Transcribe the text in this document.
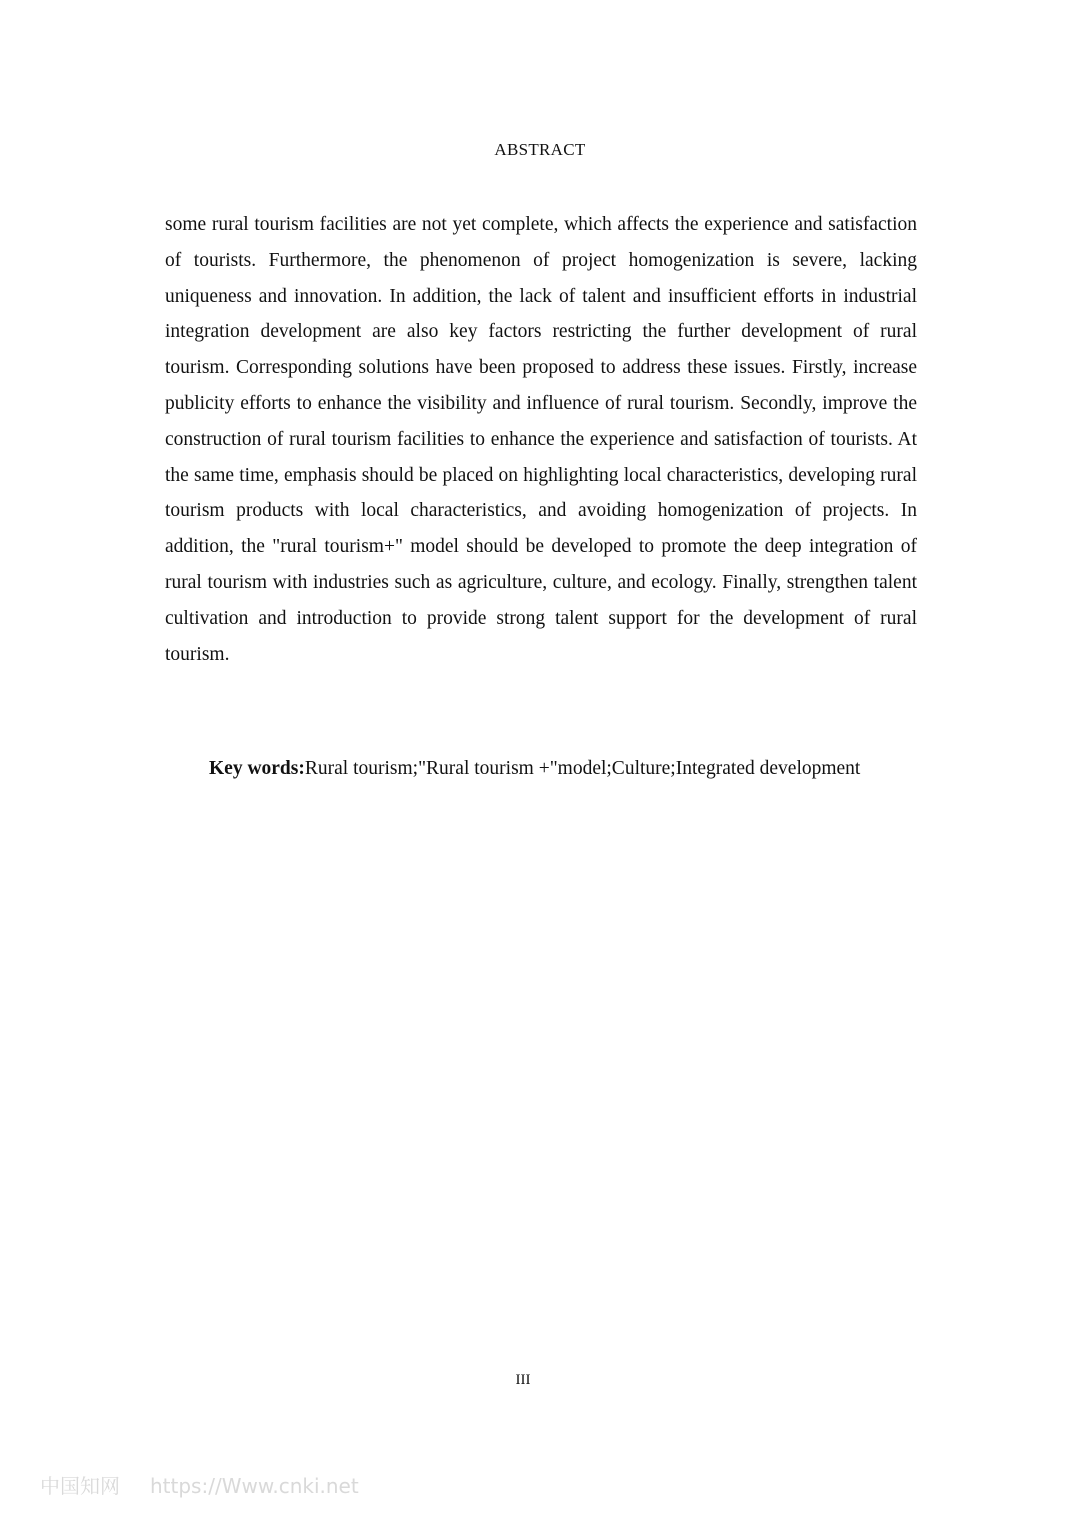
ABSTRACT

some rural tourism facilities are not yet complete, which affects the experience and satisfaction of tourists. Furthermore, the phenomenon of project homogenization is severe, lacking uniqueness and innovation. In addition, the lack of talent and insufficient efforts in industrial integration development are also key factors restricting the further development of rural tourism. Corresponding solutions have been proposed to address these issues. Firstly, increase publicity efforts to enhance the visibility and influence of rural tourism. Secondly, improve the construction of rural tourism facilities to enhance the experience and satisfaction of tourists. At the same time, emphasis should be placed on highlighting local characteristics, developing rural tourism products with local characteristics, and avoiding homogenization of projects. In addition, the "rural tourism+" model should be developed to promote the deep integration of rural tourism with industries such as agriculture, culture, and ecology. Finally, strengthen talent cultivation and introduction to provide strong talent support for the development of rural tourism.

Key words:Rural tourism;"Rural tourism +"model;Culture;Integrated development

III
中国知网 https://Www.cnki.net
